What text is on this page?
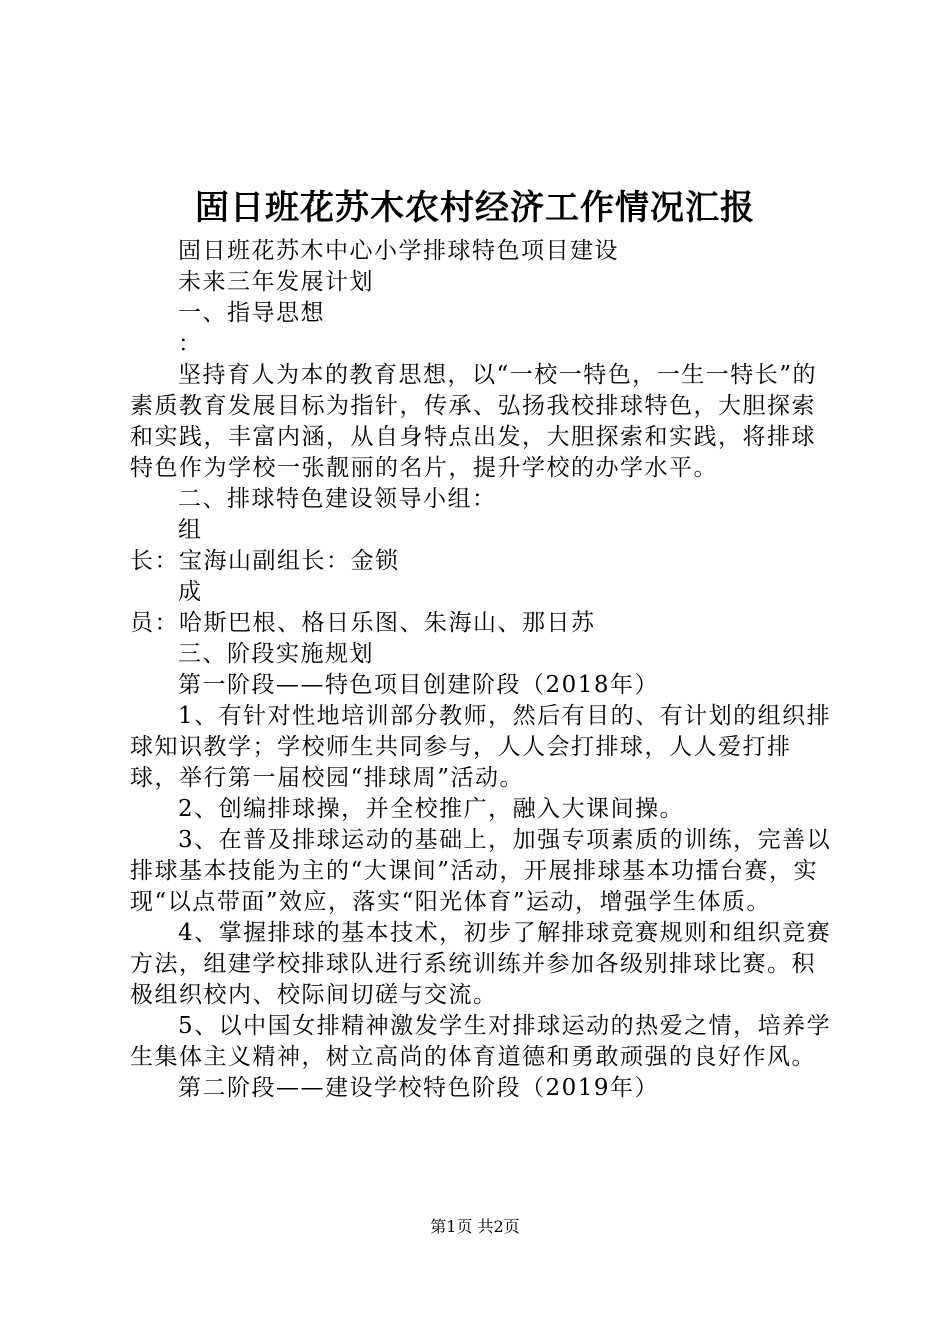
固日班花苏木农村经济工作情况汇报

固日班花苏木中心小学排球特色项目建设

未来三年发展计划

一、指导思想

：

坚持育人为本的教育思想，以“一校一特色，一生一特长”的素质教育发展目标为指针，传承、弘扬我校排球特色，大胆探索和实践，丰富内涵，从自身特点出发，大胆探索和实践，将排球特色作为学校一张靓丽的名片，提升学校的办学水平。

二、排球特色建设领导小组：

组

长：宝海山副组长：金锁

成

员：哈斯巴根、格日乐图、朱海山、那日苏

三、阶段实施规划

第一阶段——特色项目创建阶段（2018年）

1、有针对性地培训部分教师，然后有目的、有计划的组织排球知识教学；学校师生共同参与，人人会打排球，人人爱打排球，举行第一届校园“排球周”活动。

2、创编排球操，并全校推广，融入大课间操。

3、在普及排球运动的基础上，加强专项素质的训练，完善以排球基本技能为主的“大课间”活动，开展排球基本功擂台赛，实现“以点带面”效应，落实“阳光体育”运动，增强学生体质。

4、掌握排球的基本技术，初步了解排球竞赛规则和组织竞赛方法，组建学校排球队进行系统训练并参加各级别排球比赛。积极组织校内、校际间切磋与交流。

5、以中国女排精神激发学生对排球运动的热爱之情，培养学生集体主义精神，树立高尚的体育道德和勇敢顽强的良好作风。

第二阶段——建设学校特色阶段（2019年）

第1页 共2页
